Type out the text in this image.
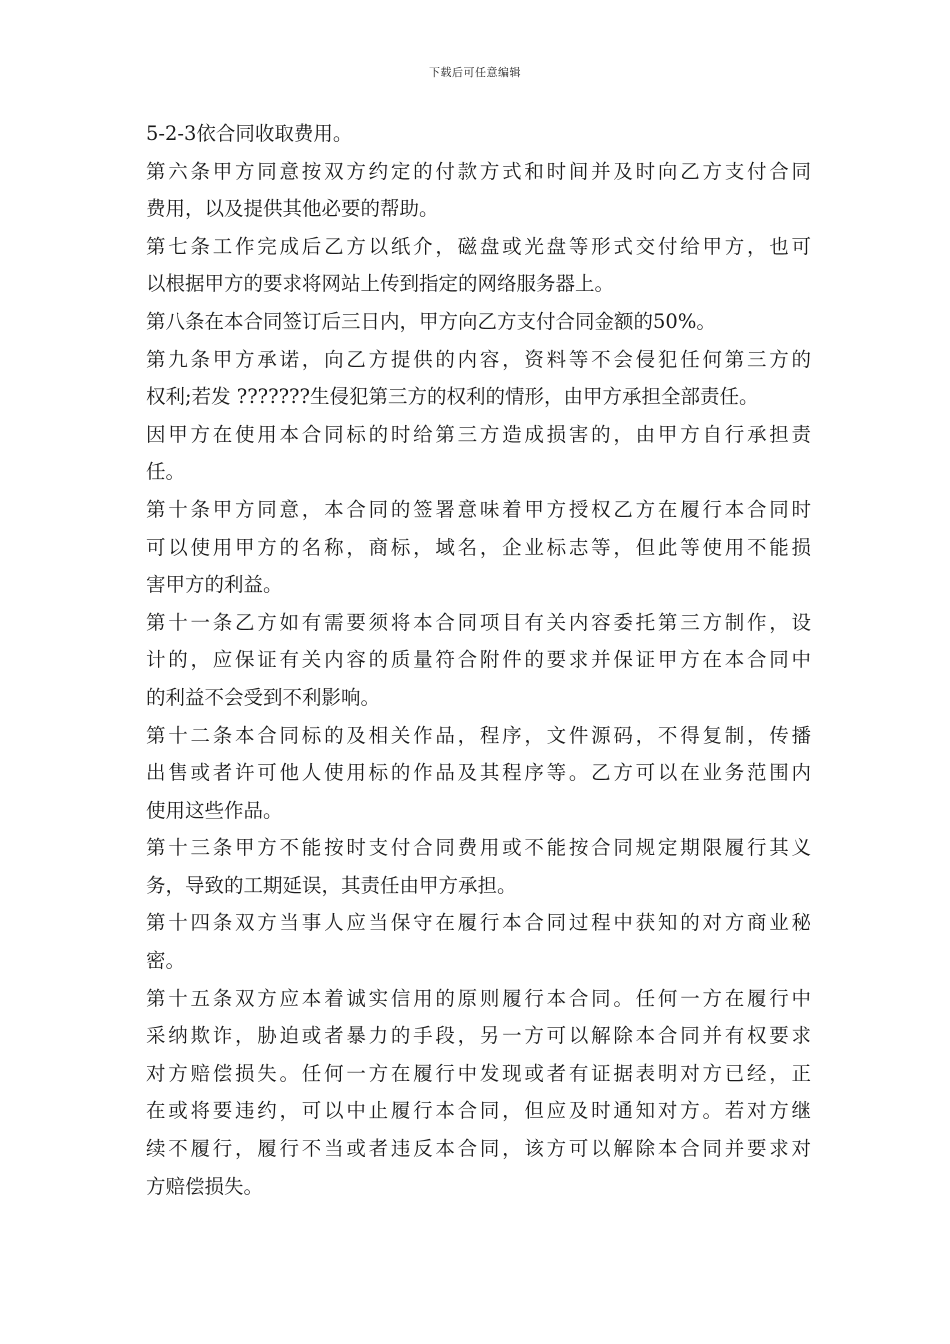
下载后可任意编辑
5-2-3依合同收取费用。
第六条甲方同意按双方约定的付款方式和时间并及时向乙方支付合同
费用，以及提供其他必要的帮助。
第七条工作完成后乙方以纸介，磁盘或光盘等形式交付给甲方，也可
以根据甲方的要求将网站上传到指定的网络服务器上。
第八条在本合同签订后三日内，甲方向乙方支付合同金额的50%。
第九条甲方承诺，向乙方提供的内容，资料等不会侵犯任何第三方的
权利;若发 ???????生侵犯第三方的权利的情形，由甲方承担全部责任。
因甲方在使用本合同标的时给第三方造成损害的，由甲方自行承担责
任。
第十条甲方同意，本合同的签署意味着甲方授权乙方在履行本合同时
可以使用甲方的名称，商标，域名，企业标志等，但此等使用不能损
害甲方的利益。
第十一条乙方如有需要须将本合同项目有关内容委托第三方制作，设
计的，应保证有关内容的质量符合附件的要求并保证甲方在本合同中
的利益不会受到不利影响。
第十二条本合同标的及相关作品，程序，文件源码，不得复制，传播
出售或者许可他人使用标的作品及其程序等。乙方可以在业务范围内
使用这些作品。
第十三条甲方不能按时支付合同费用或不能按合同规定期限履行其义
务，导致的工期延误，其责任由甲方承担。
第十四条双方当事人应当保守在履行本合同过程中获知的对方商业秘
密。
第十五条双方应本着诚实信用的原则履行本合同。任何一方在履行中
采纳欺诈，胁迫或者暴力的手段，另一方可以解除本合同并有权要求
对方赔偿损失。任何一方在履行中发现或者有证据表明对方已经，正
在或将要违约，可以中止履行本合同，但应及时通知对方。若对方继
续不履行，履行不当或者违反本合同，该方可以解除本合同并要求对
方赔偿损失。
